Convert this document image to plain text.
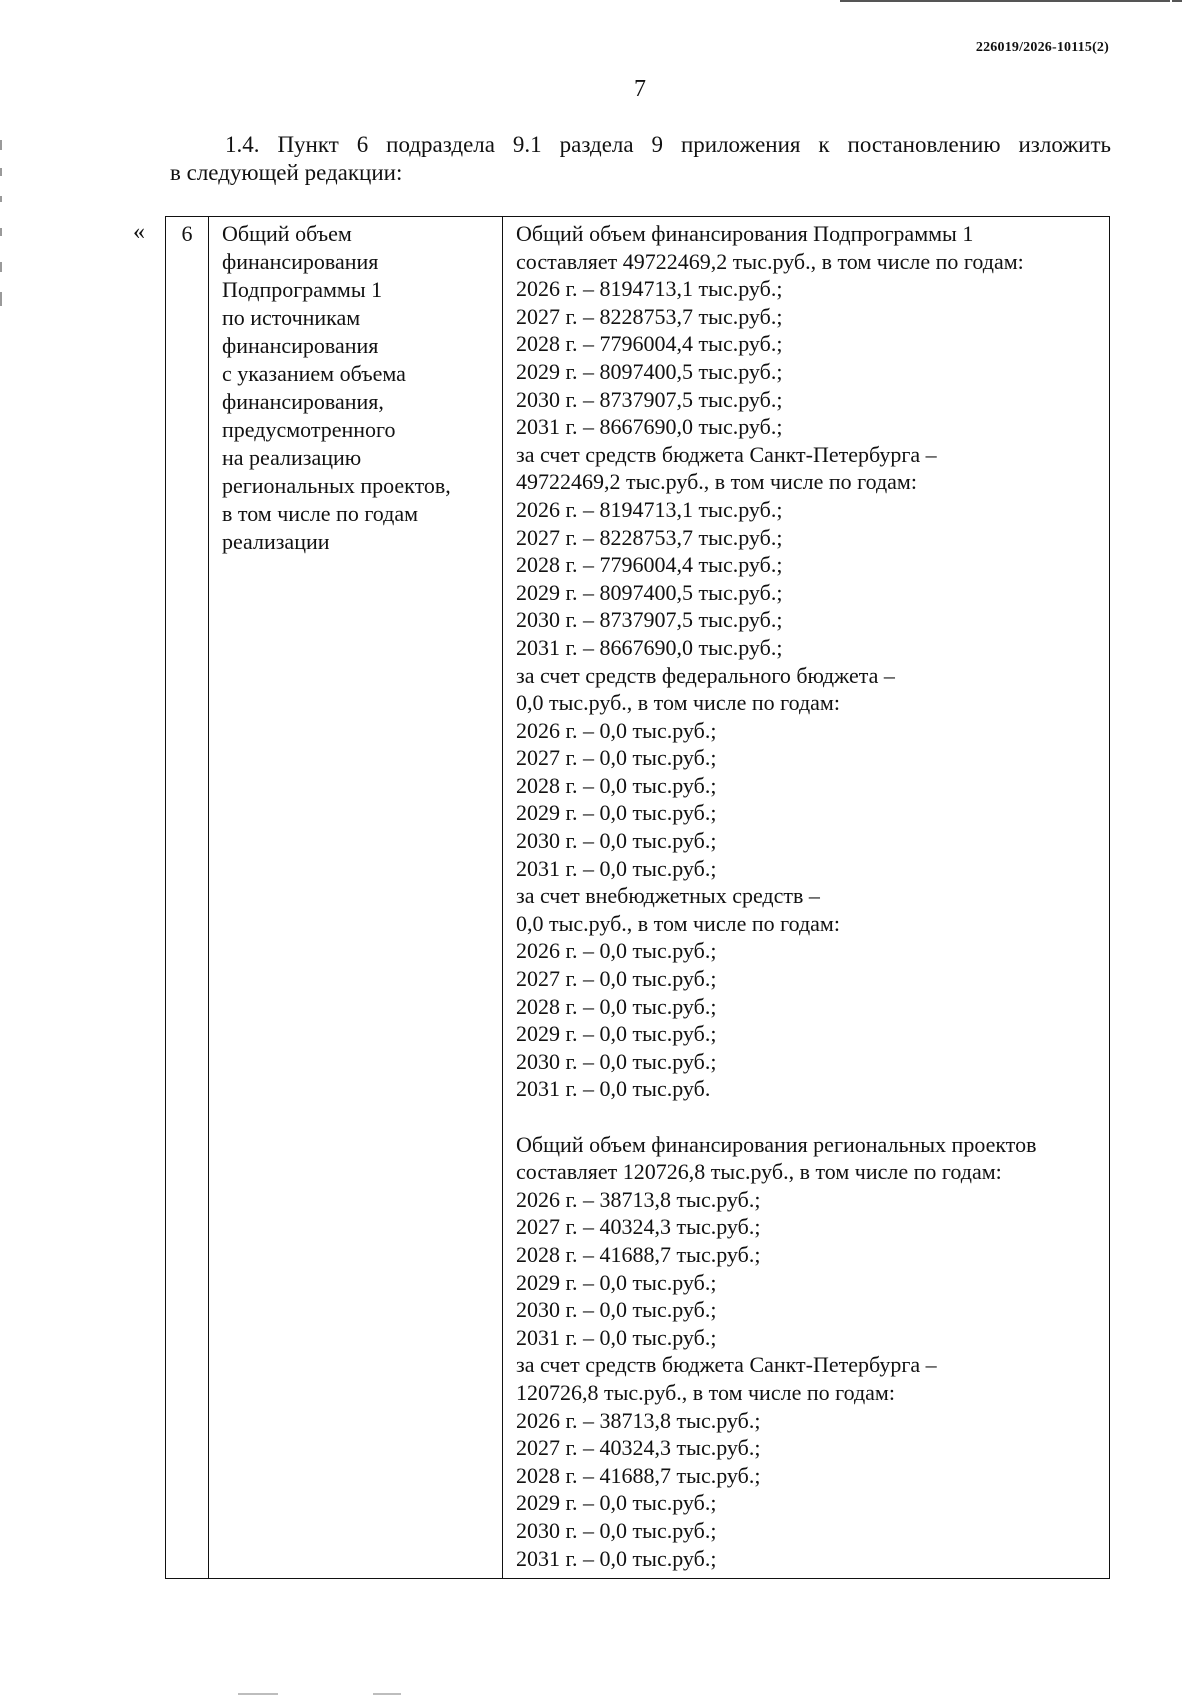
226019/2026-10115(2)
7
1.4. Пункт 6 подраздела 9.1 раздела 9 приложения к постановлению изложить
в следующей редакции:
«	6	Общий объем
финансирования
Подпрограммы 1
по источникам
финансирования
с указанием объема
финансирования,
предусмотренного
на реализацию
региональных проектов,
в том числе по годам
реализации
Общий объем финансирования Подпрограммы 1
составляет 49722469,2 тыс.руб., в том числе по годам:
2026 г. – 8194713,1 тыс.руб.;
2027 г. – 8228753,7 тыс.руб.;
2028 г. – 7796004,4 тыс.руб.;
2029 г. – 8097400,5 тыс.руб.;
2030 г. – 8737907,5 тыс.руб.;
2031 г. – 8667690,0 тыс.руб.;
за счет средств бюджета Санкт-Петербурга –
49722469,2 тыс.руб., в том числе по годам:
2026 г. – 8194713,1 тыс.руб.;
2027 г. – 8228753,7 тыс.руб.;
2028 г. – 7796004,4 тыс.руб.;
2029 г. – 8097400,5 тыс.руб.;
2030 г. – 8737907,5 тыс.руб.;
2031 г. – 8667690,0 тыс.руб.;
за счет средств федерального бюджета –
0,0 тыс.руб., в том числе по годам:
2026 г. – 0,0 тыс.руб.;
2027 г. – 0,0 тыс.руб.;
2028 г. – 0,0 тыс.руб.;
2029 г. – 0,0 тыс.руб.;
2030 г. – 0,0 тыс.руб.;
2031 г. – 0,0 тыс.руб.;
за счет внебюджетных средств –
0,0 тыс.руб., в том числе по годам:
2026 г. – 0,0 тыс.руб.;
2027 г. – 0,0 тыс.руб.;
2028 г. – 0,0 тыс.руб.;
2029 г. – 0,0 тыс.руб.;
2030 г. – 0,0 тыс.руб.;
2031 г. – 0,0 тыс.руб.
Общий объем финансирования региональных проектов
составляет 120726,8 тыс.руб., в том числе по годам:
2026 г. – 38713,8 тыс.руб.;
2027 г. – 40324,3 тыс.руб.;
2028 г. – 41688,7 тыс.руб.;
2029 г. – 0,0 тыс.руб.;
2030 г. – 0,0 тыс.руб.;
2031 г. – 0,0 тыс.руб.;
за счет средств бюджета Санкт-Петербурга –
120726,8 тыс.руб., в том числе по годам:
2026 г. – 38713,8 тыс.руб.;
2027 г. – 40324,3 тыс.руб.;
2028 г. – 41688,7 тыс.руб.;
2029 г. – 0,0 тыс.руб.;
2030 г. – 0,0 тыс.руб.;
2031 г. – 0,0 тыс.руб.;
